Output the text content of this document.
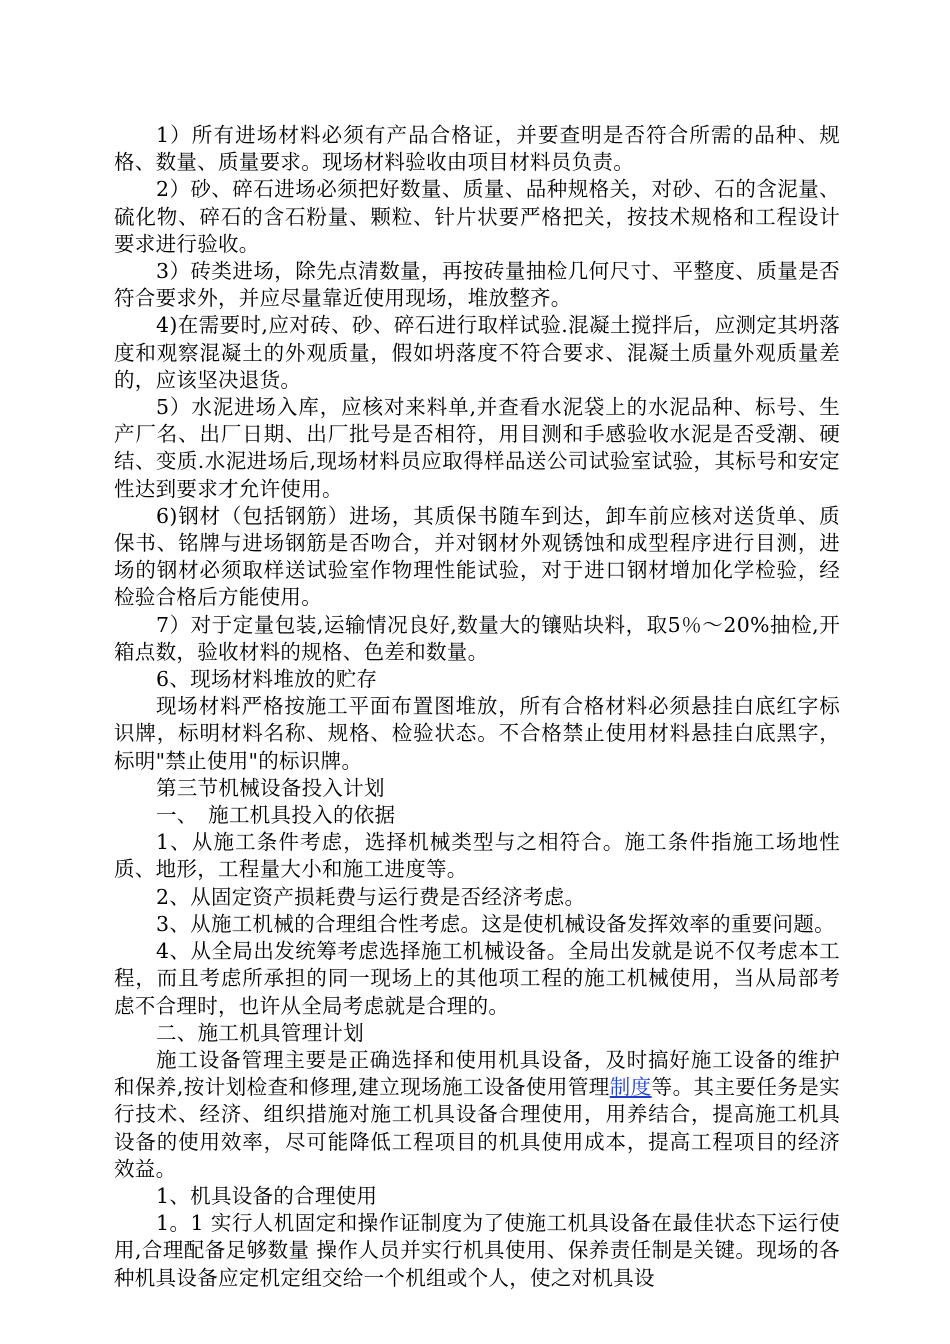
1）所有进场材料必须有产品合格证，并要查明是否符合所需的品种、规格、数量、质量要求。现场材料验收由项目材料员负责。

2）砂、碎石进场必须把好数量、质量、品种规格关，对砂、石的含泥量、硫化物、碎石的含石粉量、颗粒、针片状要严格把关，按技术规格和工程设计要求进行验收。

3）砖类进场，除先点清数量，再按砖量抽检几何尺寸、平整度、质量是否符合要求外，并应尽量靠近使用现场，堆放整齐。

4)在需要时,应对砖、砂、碎石进行取样试验.混凝土搅拌后，应测定其坍落度和观察混凝土的外观质量，假如坍落度不符合要求、混凝土质量外观质量差的，应该坚决退货。

5）水泥进场入库，应核对来料单,并查看水泥袋上的水泥品种、标号、生产厂名、出厂日期、出厂批号是否相符，用目测和手感验收水泥是否受潮、硬结、变质.水泥进场后,现场材料员应取得样品送公司试验室试验，其标号和安定性达到要求才允许使用。

6)钢材（包括钢筋）进场，其质保书随车到达，卸车前应核对送货单、质保书、铭牌与进场钢筋是否吻合，并对钢材外观锈蚀和成型程序进行目测，进场的钢材必须取样送试验室作物理性能试验，对于进口钢材增加化学检验，经检验合格后方能使用。

7）对于定量包装,运输情况良好,数量大的镶贴块料，取5％～20%抽检,开箱点数，验收材料的规格、色差和数量。

6、现场材料堆放的贮存

现场材料严格按施工平面布置图堆放，所有合格材料必须悬挂白底红字标识牌，标明材料名称、规格、检验状态。不合格禁止使用材料悬挂白底黑字，标明"禁止使用"的标识牌。

第三节机械设备投入计划

一、　施工机具投入的依据

1、从施工条件考虑，选择机械类型与之相符合。施工条件指施工场地性质、地形，工程量大小和施工进度等。

2、从固定资产损耗费与运行费是否经济考虑。

3、从施工机械的合理组合性考虑。这是使机械设备发挥效率的重要问题。

4、从全局出发统筹考虑选择施工机械设备。全局出发就是说不仅考虑本工程，而且考虑所承担的同一现场上的其他项工程的施工机械使用，当从局部考虑不合理时，也许从全局考虑就是合理的。

二、施工机具管理计划

施工设备管理主要是正确选择和使用机具设备，及时搞好施工设备的维护和保养,按计划检查和修理,建立现场施工设备使用管理制度等。其主要任务是实行技术、经济、组织措施对施工机具设备合理使用，用养结合，提高施工机具设备的使用效率，尽可能降低工程项目的机具使用成本，提高工程项目的经济效益。

1、机具设备的合理使用

1。1 实行人机固定和操作证制度为了使施工机具设备在最佳状态下运行使用,合理配备足够数量 操作人员并实行机具使用、保养责任制是关键。现场的各种机具设备应定机定组交给一个机组或个人，使之对机具设
